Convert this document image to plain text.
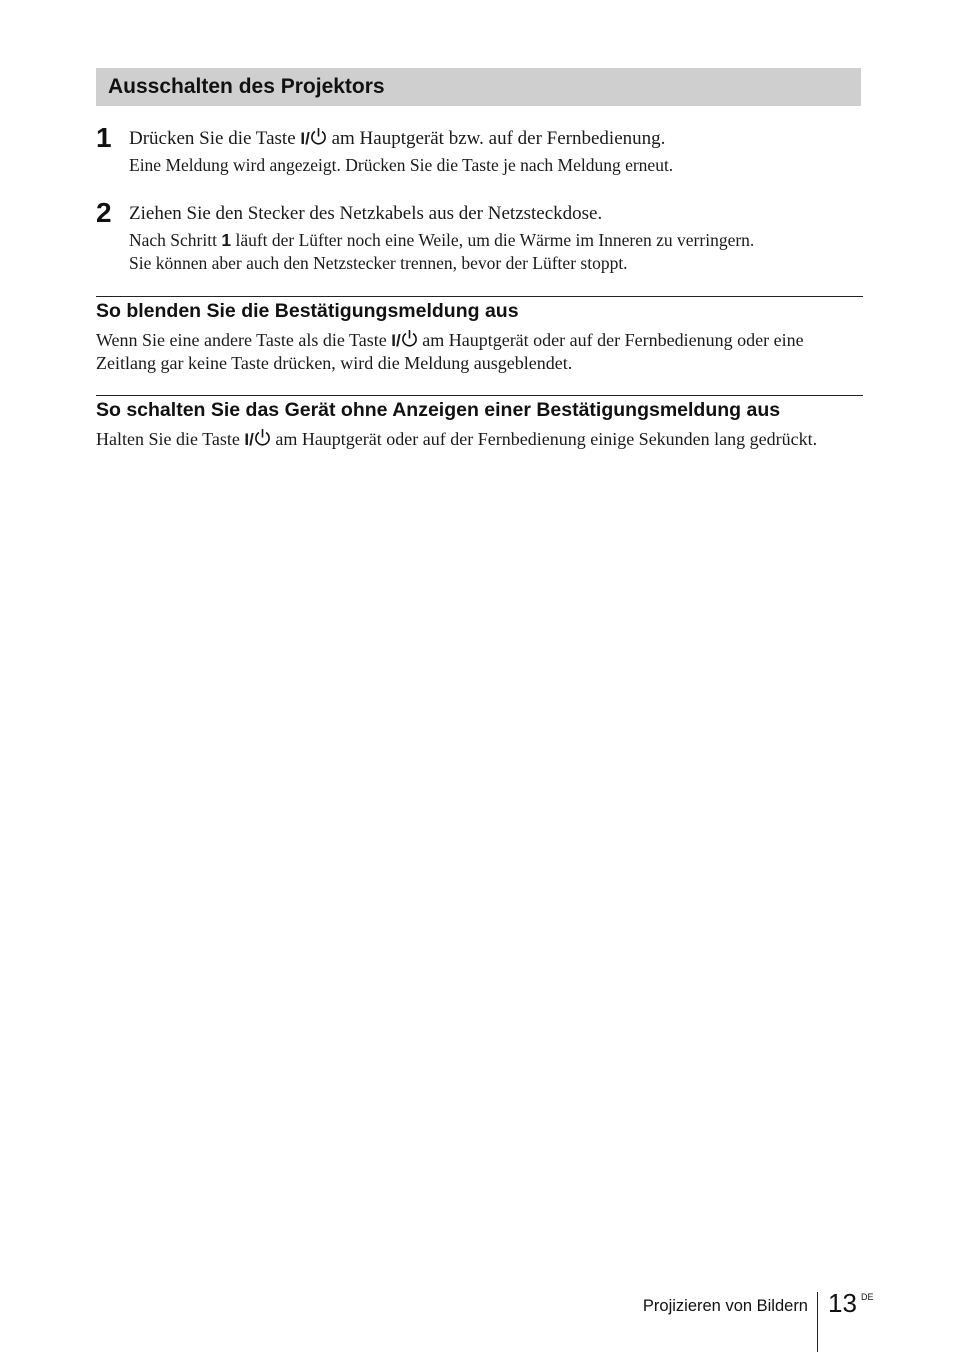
Ausschalten des Projektors
1 Drücken Sie die Taste I/ am Hauptgerät bzw. auf der Fernbedienung.
Eine Meldung wird angezeigt. Drücken Sie die Taste je nach Meldung erneut.
2 Ziehen Sie den Stecker des Netzkabels aus der Netzsteckdose.
Nach Schritt 1 läuft der Lüfter noch eine Weile, um die Wärme im Inneren zu verringern.
Sie können aber auch den Netzstecker trennen, bevor der Lüfter stoppt.
So blenden Sie die Bestätigungsmeldung aus

Wenn Sie eine andere Taste als die Taste I/ am Hauptgerät oder auf der Fernbedienung oder eine Zeitlang gar keine Taste drücken, wird die Meldung ausgeblendet.

So schalten Sie das Gerät ohne Anzeigen einer Bestätigungsmeldung aus

Halten Sie die Taste I/ am Hauptgerät oder auf der Fernbedienung einige Sekunden lang gedrückt.

Projizieren von Bildern 13 DE
